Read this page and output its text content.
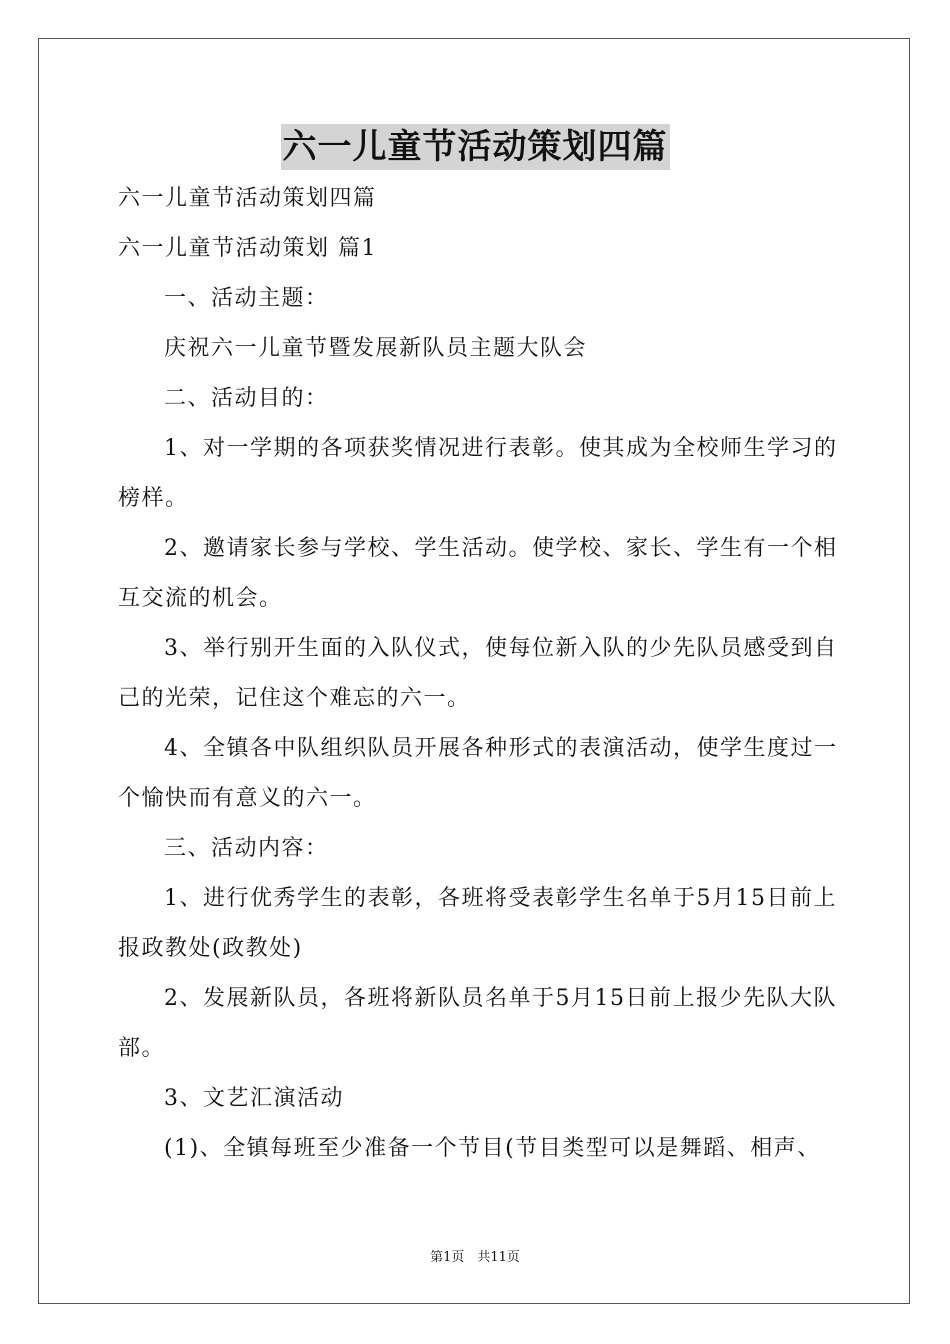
六一儿童节活动策划四篇

六一儿童节活动策划四篇

六一儿童节活动策划 篇1

一、活动主题：

庆祝六一儿童节暨发展新队员主题大队会

二、活动目的：

1、对一学期的各项获奖情况进行表彰。使其成为全校师生学习的榜样。

2、邀请家长参与学校、学生活动。使学校、家长、学生有一个相互交流的机会。

3、举行别开生面的入队仪式，使每位新入队的少先队员感受到自己的光荣，记住这个难忘的六一。

4、全镇各中队组织队员开展各种形式的表演活动，使学生度过一个愉快而有意义的六一。

三、活动内容：

1、进行优秀学生的表彰，各班将受表彰学生名单于5月15日前上报政教处(政教处)

2、发展新队员，各班将新队员名单于5月15日前上报少先队大队部。

3、文艺汇演活动

(1)、全镇每班至少准备一个节目(节目类型可以是舞蹈、相声、

第1页　共11页
